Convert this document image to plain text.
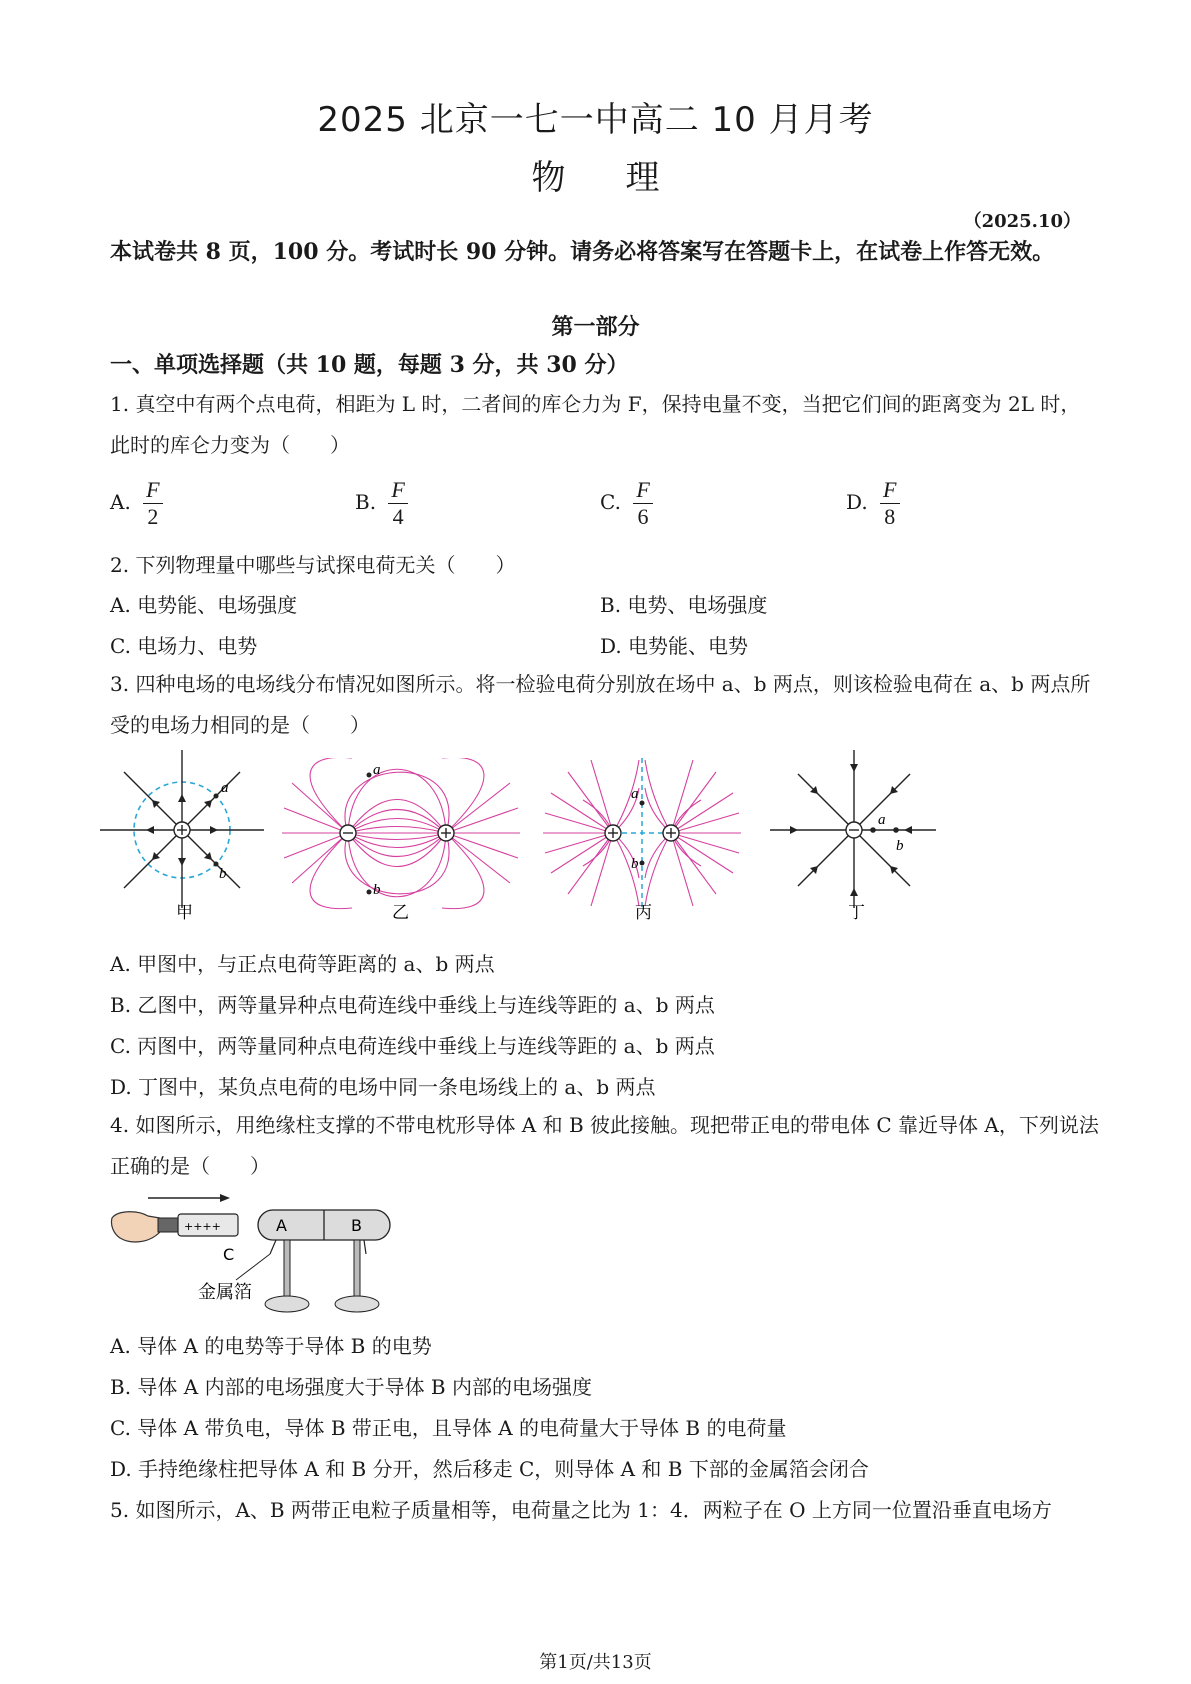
2025 北京一七一中高二 10 月月考
物理
（2025.10）
本试卷共 8 页，100 分。考试时长 90 分钟。请务必将答案写在答题卡上，在试卷上作答无效。
第一部分
一、单项选择题（共 10 题，每题 3 分，共 30 分）
1. 真空中有两个点电荷，相距为 L 时，二者间的库仑力为 F，保持电量不变，当把它们间的距离变为 2L 时，此时的库仑力变为（　　）
A. $\frac{F}{2}$	B. $\frac{F}{4}$	C. $\frac{F}{6}$	D. $\frac{F}{8}$
2. 下列物理量中哪些与试探电荷无关（　　）
A. 电势能、电场强度	B. 电势、电场强度
C. 电场力、电势	D. 电势能、电势
3. 四种电场的电场线分布情况如图所示。将一检验电荷分别放在场中 a、b 两点，则该检验电荷在 a、b 两点所受的电场力相同的是（　　）
a
b
甲
a
b
乙
a
b
丙
a
b
丁
A. 甲图中，与正点电荷等距离的 a、b 两点
B. 乙图中，两等量异种点电荷连线中垂线上与连线等距的 a、b 两点
C. 丙图中，两等量同种点电荷连线中垂线上与连线等距的 a、b 两点
D. 丁图中，某负点电荷的电场中同一条电场线上的 a、b 两点
4. 如图所示，用绝缘柱支撑的不带电枕形导体 A 和 B 彼此接触。现把带正电的带电体 C 靠近导体 A，下列说法正确的是（　　）
++++
C
A	B
金属箔
A. 导体 A 的电势等于导体 B 的电势
B. 导体 A 内部的电场强度大于导体 B 内部的电场强度
C. 导体 A 带负电，导体 B 带正电，且导体 A 的电荷量大于导体 B 的电荷量
D. 手持绝缘柱把导体 A 和 B 分开，然后移走 C，则导体 A 和 B 下部的金属箔会闭合
5. 如图所示，A、B 两带正电粒子质量相等，电荷量之比为 1：4．两粒子在 O 上方同一位置沿垂直电场方
第1页/共13页
